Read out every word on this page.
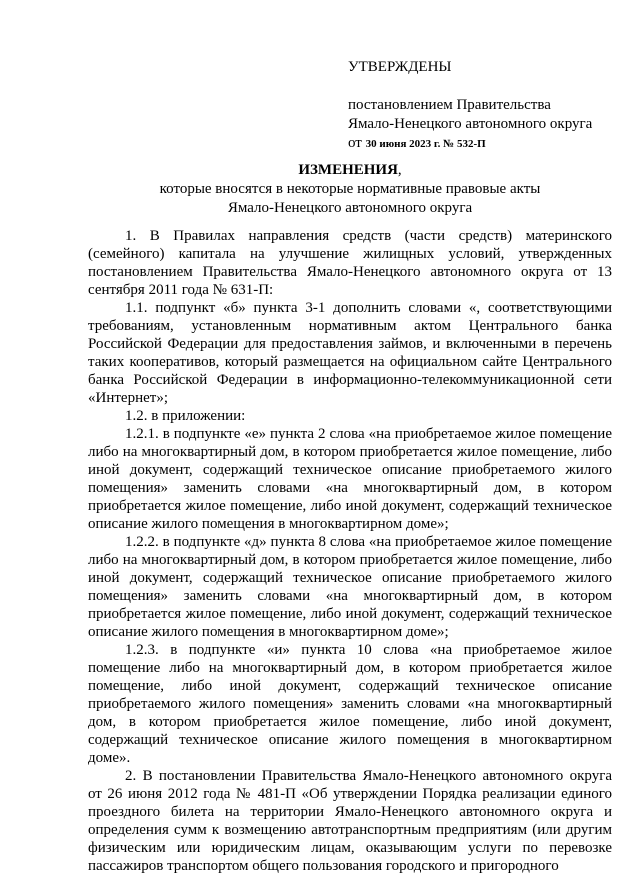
УТВЕРЖДЕНЫ
постановлением Правительства
Ямало-Ненецкого автономного округа
от 30 июня 2023 г. № 532-П
ИЗМЕНЕНИЯ,
которые вносятся в некоторые нормативные правовые акты
Ямало-Ненецкого автономного округа

1. В Правилах направления средств (части средств) материнского (семейного) капитала на улучшение жилищных условий, утвержденных постановлением Правительства Ямало-Ненецкого автономного округа от 13 сентября 2011 года № 631-П:

1.1. подпункт «б» пункта 3-1 дополнить словами «, соответствующими требованиям, установленным нормативным актом Центрального банка Российской Федерации для предоставления займов, и включенными в перечень таких кооперативов, который размещается на официальном сайте Центрального банка Российской Федерации в информационно-телекоммуникационной сети «Интернет»;

1.2. в приложении:

1.2.1. в подпункте «е» пункта 2 слова «на приобретаемое жилое помещение либо на многоквартирный дом, в котором приобретается жилое помещение, либо иной документ, содержащий техническое описание приобретаемого жилого помещения» заменить словами «на многоквартирный дом, в котором приобретается жилое помещение, либо иной документ, содержащий техническое описание жилого помещения в многоквартирном доме»;

1.2.2. в подпункте «д» пункта 8 слова «на приобретаемое жилое помещение либо на многоквартирный дом, в котором приобретается жилое помещение, либо иной документ, содержащий техническое описание приобретаемого жилого помещения» заменить словами «на многоквартирный дом, в котором приобретается жилое помещение, либо иной документ, содержащий техническое описание жилого помещения в многоквартирном доме»;

1.2.3. в подпункте «и» пункта 10 слова «на приобретаемое жилое помещение либо на многоквартирный дом, в котором приобретается жилое помещение, либо иной документ, содержащий техническое описание приобретаемого жилого помещения» заменить словами «на многоквартирный дом, в котором приобретается жилое помещение, либо иной документ, содержащий техническое описание жилого помещения в многоквартирном доме».

2. В постановлении Правительства Ямало-Ненецкого автономного округа от 26 июня 2012 года № 481-П «Об утверждении Порядка реализации единого проездного билета на территории Ямало-Ненецкого автономного округа и определения сумм к возмещению автотранспортным предприятиям (или другим физическим или юридическим лицам, оказывающим услуги по перевозке пассажиров транспортом общего пользования городского и пригородного
